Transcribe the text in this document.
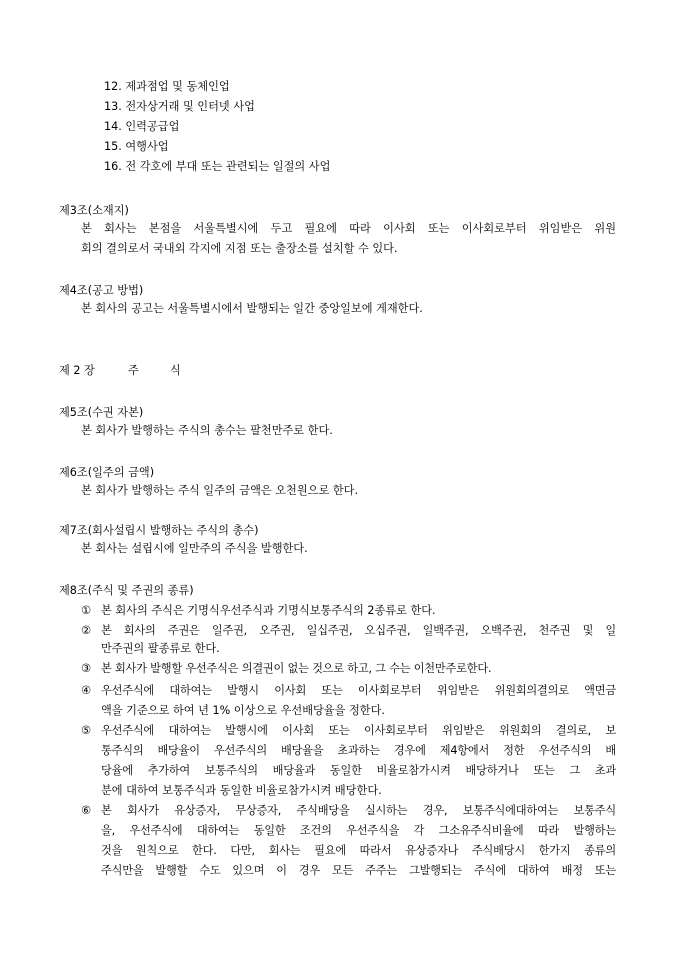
12. 제과점업 및 동체인업
13. 전자상거래 및 인터넷 사업
14. 인력공급업
15. 여행사업
16. 전 각호에 부대 또는 관련되는 일절의 사업
제3조(소재지)
본 회사는 본점을 서울특별시에 두고 필요에 따라 이사회 또는 이사회로부터 위임받은 위원
회의 결의로서 국내외 각지에 지점 또는 출장소를 설치할 수 있다.
제4조(공고 방법)
본 회사의 공고는 서울특별시에서 발행되는 일간 중앙일보에 게재한다.
제 2 장	주	식
제5조(수권 자본)
본 회사가 발행하는 주식의 총수는 팔천만주로 한다.
제6조(일주의 금액)
본 회사가 발행하는 주식 일주의 금액은 오천원으로 한다.
제7조(회사설립시 발행하는 주식의 총수)
본 회사는 설립시에 일만주의 주식을 발행한다.
제8조(주식 및 주권의 종류)
① 본 회사의 주식은 기명식우선주식과 기명식보통주식의 2종류로 한다.
② 본 회사의 주권은 일주권, 오주권, 일십주권, 오십주권, 일백주권, 오백주권, 천주권 및 일
만주권의 팔종류로 한다.
③ 본 회사가 발행할 우선주식은 의결권이 없는 것으로 하고, 그 수는 이천만주로한다.
④ 우선주식에 대하여는 발행시 이사회 또는 이사회로부터 위임받은 위원회의결의로 액면금
액을 기준으로 하여 년 1% 이상으로 우선배당율을 정한다.
⑤ 우선주식에 대하여는 발행시에 이사회 또는 이사회로부터 위임받은 위원회의 결의로, 보
통주식의 배당율이 우선주식의 배당율을 초과하는 경우에 제4항에서 정한 우선주식의 배
당율에 추가하여 보통주식의 배당율과 동일한 비율로참가시켜 배당하거나 또는 그 초과
분에 대하여 보통주식과 동일한 비율로참가시켜 배당한다.
⑥ 본 회사가 유상증자, 무상증자, 주식배당을 실시하는 경우, 보통주식에대하여는 보통주식
을, 우선주식에 대하여는 동일한 조건의 우선주식을 각 그소유주식비율에 따라 발행하는
것을 원칙으로 한다. 다만, 회사는 필요에 따라서 유상증자나 주식배당시 한가지 종류의
주식만을 발행할 수도 있으며 이 경우 모든 주주는 그발행되는 주식에 대하여 배정 또는
